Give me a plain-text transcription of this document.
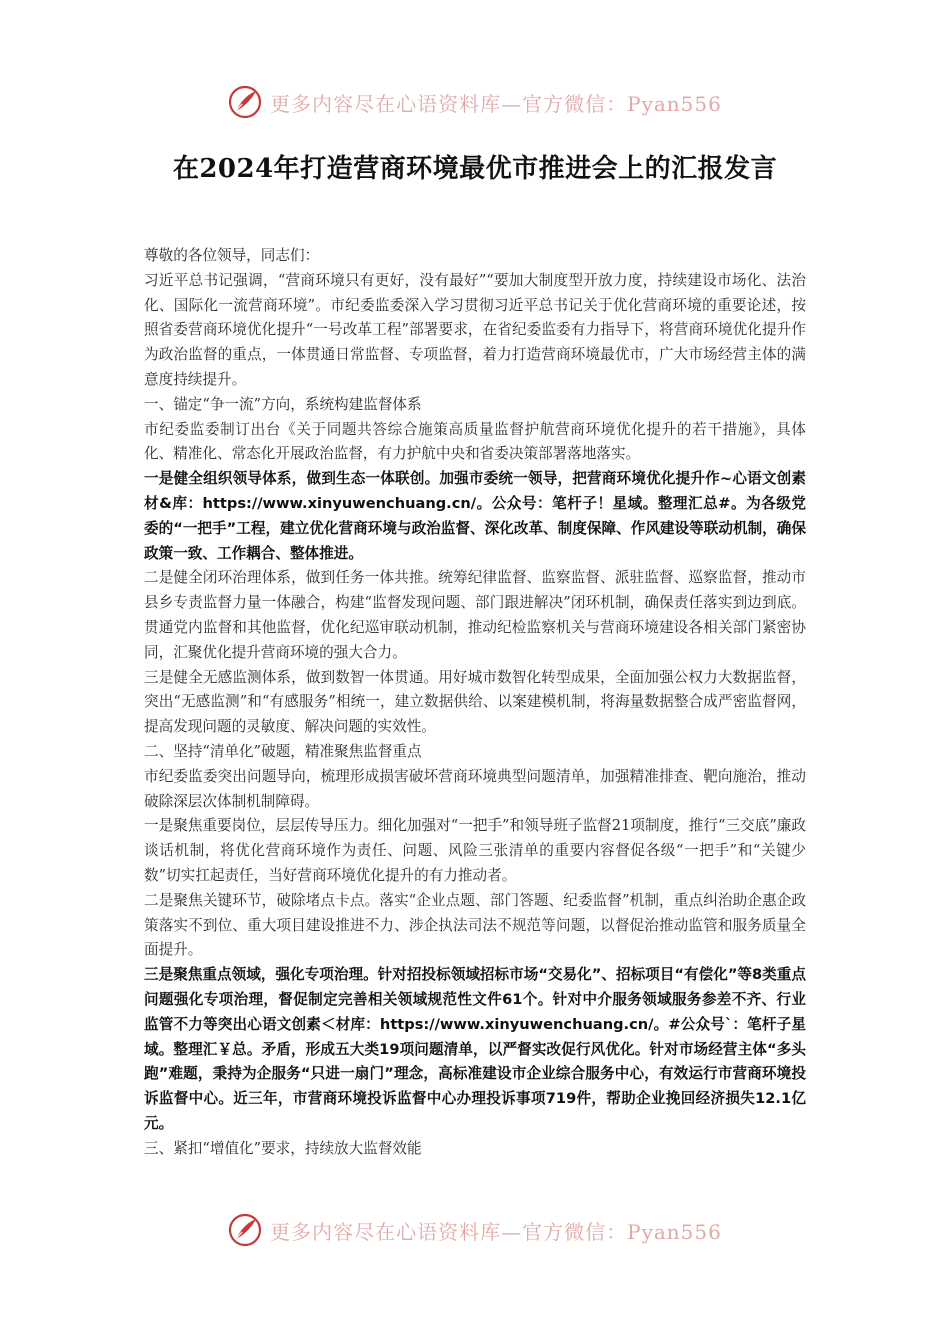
更多内容尽在心语资料库—官方微信：Pyan556
在2024年打造营商环境最优市推进会上的汇报发言

尊敬的各位领导，同志们：

习近平总书记强调，“营商环境只有更好，没有最好”“要加大制度型开放力度，持续建设市场化、法治化、国际化一流营商环境”。市纪委监委深入学习贯彻习近平总书记关于优化营商环境的重要论述，按照省委营商环境优化提升“一号改革工程”部署要求，在省纪委监委有力指导下，将营商环境优化提升作为政治监督的重点，一体贯通日常监督、专项监督，着力打造营商环境最优市，广大市场经营主体的满意度持续提升。

一、锚定“争一流”方向，系统构建监督体系

市纪委监委制订出台《关于同题共答综合施策高质量监督护航营商环境优化提升的若干措施》，具体化、精准化、常态化开展政治监督，有力护航中央和省委决策部署落地落实。

一是健全组织领导体系，做到生态一体联创。加强市委统一领导，把营商环境优化提升作~心语文创素材&库：https://www.xinyuwenchuang.cn/。公众号：笔杆子！星域。整理汇总#。为各级党委的“一把手”工程，建立优化营商环境与政治监督、深化改革、制度保障、作风建设等联动机制，确保政策一致、工作耦合、整体推进。

二是健全闭环治理体系，做到任务一体共推。统筹纪律监督、监察监督、派驻监督、巡察监督，推动市县乡专责监督力量一体融合，构建“监督发现问题、部门跟进解决”闭环机制，确保责任落实到边到底。贯通党内监督和其他监督，优化纪巡审联动机制，推动纪检监察机关与营商环境建设各相关部门紧密协同，汇聚优化提升营商环境的强大合力。

三是健全无感监测体系，做到数智一体贯通。用好城市数智化转型成果，全面加强公权力大数据监督，突出“无感监测”和“有感服务”相统一，建立数据供给、以案建模机制，将海量数据整合成严密监督网，提高发现问题的灵敏度、解决问题的实效性。

二、坚持“清单化”破题，精准聚焦监督重点

市纪委监委突出问题导向，梳理形成损害破坏营商环境典型问题清单，加强精准排查、靶向施治，推动破除深层次体制机制障碍。

一是聚焦重要岗位，层层传导压力。细化加强对“一把手”和领导班子监督21项制度，推行“三交底”廉政谈话机制，将优化营商环境作为责任、问题、风险三张清单的重要内容督促各级“一把手”和“关键少数”切实扛起责任，当好营商环境优化提升的有力推动者。

二是聚焦关键环节，破除堵点卡点。落实“企业点题、部门答题、纪委监督”机制，重点纠治助企惠企政策落实不到位、重大项目建设推进不力、涉企执法司法不规范等问题，以督促治推动监管和服务质量全面提升。

三是聚焦重点领域，强化专项治理。针对招投标领域招标市场“交易化”、招标项目“有偿化”等8类重点问题强化专项治理，督促制定完善相关领域规范性文件61个。针对中介服务领域服务参差不齐、行业监管不力等突出心语文创素＜材库：https://www.xinyuwenchuang.cn/。#公众号`：笔杆子星域。整理汇￥总。矛盾，形成五大类19项问题清单，以严督实改促行风优化。针对市场经营主体“多头跑”难题，秉持为企服务“只进一扇门”理念，高标准建设市企业综合服务中心，有效运行市营商环境投诉监督中心。近三年，市营商环境投诉监督中心办理投诉事项719件，帮助企业挽回经济损失12.1亿元。

三、紧扣“增值化”要求，持续放大监督效能

更多内容尽在心语资料库—官方微信：Pyan556
